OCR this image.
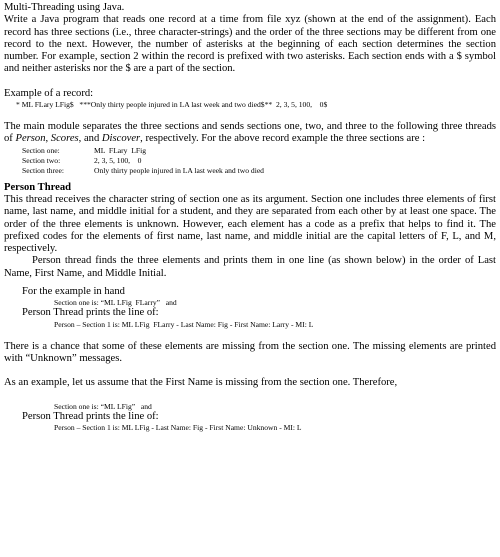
Multi-Threading using Java.

Write a Java program that reads one record at a time from file xyz (shown at the end of the assignment). Each record has three sections (i.e., three character-strings) and the order of the three sections may be different from one record to the next. However, the number of asterisks at the beginning of each section determines the section number. For example, section 2 within the record is prefixed with two asterisks. Each section ends with a $ symbol and neither asterisks nor the $ are a part of the section.

Example of a record:

* ML FLary LFig$   ***Only thirty people injured in LA last week and two died$**  2, 3, 5, 100,    0$

The main module separates the three sections and sends sections one, two, and three to the following three threads of Person, Scores, and Discover, respectively. For the above record example the three sections are :

Section one:	ML  FLary  LFig
Section two:	2, 3, 5, 100,    0
Section three:	Only thirty people injured in LA last week and two died

Person Thread

This thread receives the character string of section one as its argument. Section one includes three elements of first name, last name, and middle initial for a student, and they are separated from each other by at least one space. The order of the three elements is unknown. However, each element has a code as a prefix that helps to find it. The prefixed codes for the elements of first name, last name, and middle initial are the capital letters of F, L, and M, respectively.

Person thread finds the three elements and prints them in one line (as shown below) in the order of Last Name, First Name, and Middle Initial.

For the example in hand

Section one is: “ML LFig  FLarry”   and

Person Thread prints the line of:

Person – Section 1 is: ML LFig  FLarry - Last Name: Fig - First Name: Larry - MI: L

There is a chance that some of these elements are missing from the section one. The missing elements are printed with “Unknown” messages.

As an example, let us assume that the First Name is missing from the section one. Therefore,

Section one is: “ML LFig”   and

Person Thread prints the line of:

Person – Section 1 is: ML LFig - Last Name: Fig - First Name: Unknown - MI: L
